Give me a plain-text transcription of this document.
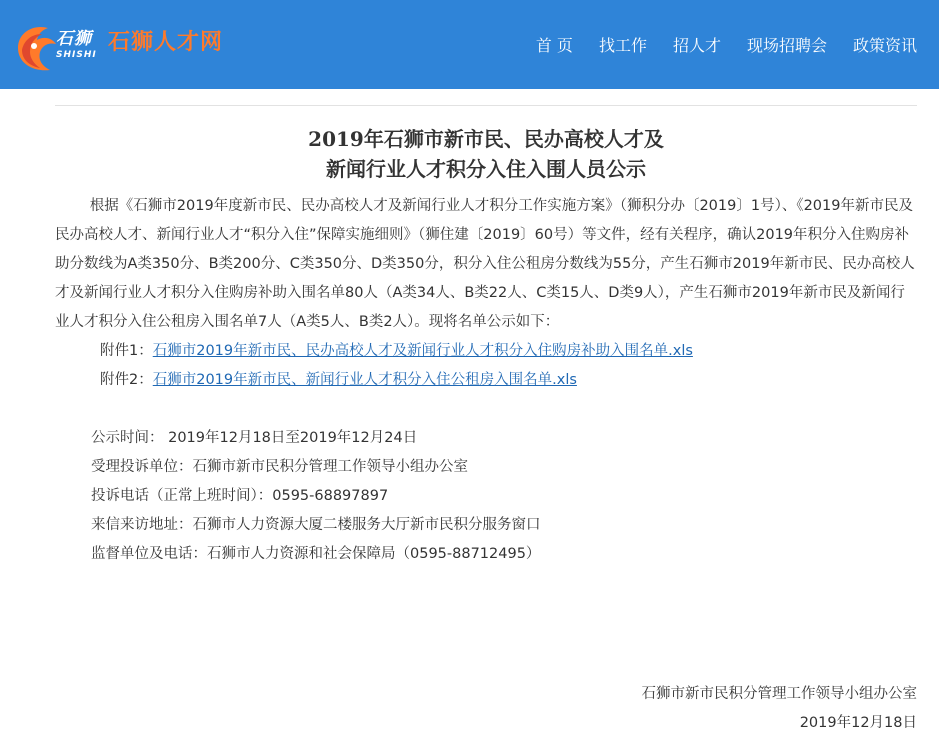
石狮
SHISHI 石狮人才网	首 页 找工作 招人才 现场招聘会 政策资讯
2019年石狮市新市民、民办高校人才及
新闻行业人才积分入住入围人员公示

根据《石狮市2019年度新市民、民办高校人才及新闻行业人才积分工作实施方案》（狮积分办〔2019〕1号）、《2019年新市民及民办高校人才、新闻行业人才“积分入住”保障实施细则》（狮住建〔2019〕60号）等文件，经有关程序，确认2019年积分入住购房补助分数线为A类350分、B类200分、C类350分、D类350分，积分入住公租房分数线为55分，产生石狮市2019年新市民、民办高校人才及新闻行业人才积分入住购房补助入围名单80人（A类34人、B类22人、C类15人、D类9人），产生石狮市2019年新市民及新闻行业人才积分入住公租房入围名单7人（A类5人、B类2人）。现将名单公示如下：

附件1：石狮市2019年新市民、民办高校人才及新闻行业人才积分入住购房补助入围名单.xls

附件2：石狮市2019年新市民、新闻行业人才积分入住公租房入围名单.xls

公示时间： 2019年12月18日至2019年12月24日

受理投诉单位：石狮市新市民积分管理工作领导小组办公室

投诉电话（正常上班时间）：0595-68897897

来信来访地址：石狮市人力资源大厦二楼服务大厅新市民积分服务窗口

监督单位及电话：石狮市人力资源和社会保障局（0595-88712495）

石狮市新市民积分管理工作领导小组办公室
2019年12月18日
